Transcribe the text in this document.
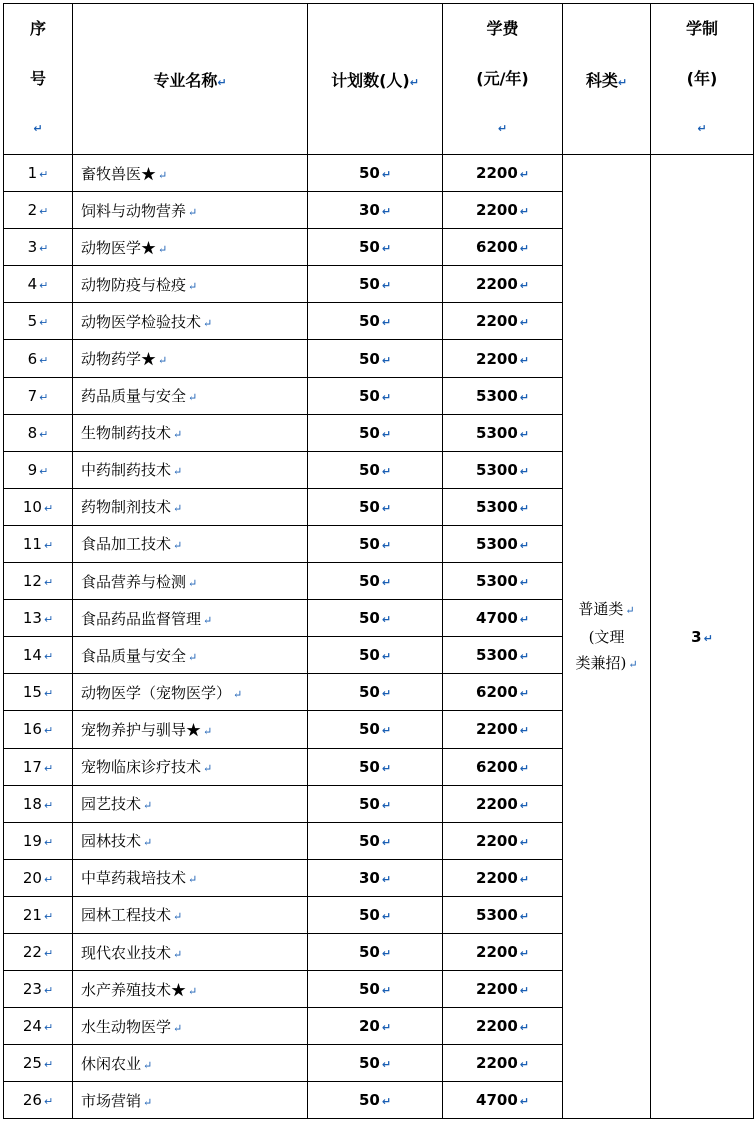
序
号
↵	专业名称↵	计划数(人)↵	学费
(元/年)
↵	科类↵	学制
(年)
↵

1 ↵	畜牧兽医★ ↵	50 ↵	2200 ↵	普通类 ↵
(文理
类兼招) ↵	3 ↵
2 ↵	饲料与动物营养 ↵	30 ↵	2200 ↵		
3 ↵	动物医学★ ↵	50 ↵	6200 ↵		
4 ↵	动物防疫与检疫 ↵	50 ↵	2200 ↵		
5 ↵	动物医学检验技术 ↵	50 ↵	2200 ↵		
6 ↵	动物药学★ ↵	50 ↵	2200 ↵		
7 ↵	药品质量与安全 ↵	50 ↵	5300 ↵		
8 ↵	生物制药技术 ↵	50 ↵	5300 ↵		
9 ↵	中药制药技术 ↵	50 ↵	5300 ↵		
10 ↵	药物制剂技术 ↵	50 ↵	5300 ↵		
11 ↵	食品加工技术 ↵	50 ↵	5300 ↵		
12 ↵	食品营养与检测 ↵	50 ↵	5300 ↵		
13 ↵	食品药品监督管理 ↵	50 ↵	4700 ↵		
14 ↵	食品质量与安全 ↵	50 ↵	5300 ↵		
15 ↵	动物医学（宠物医学） ↵	50 ↵	6200 ↵		
16 ↵	宠物养护与驯导★ ↵	50 ↵	2200 ↵		
17 ↵	宠物临床诊疗技术 ↵	50 ↵	6200 ↵		
18 ↵	园艺技术 ↵	50 ↵	2200 ↵		
19 ↵	园林技术 ↵	50 ↵	2200 ↵		
20 ↵	中草药栽培技术 ↵	30 ↵	2200 ↵		
21 ↵	园林工程技术 ↵	50 ↵	5300 ↵		
22 ↵	现代农业技术 ↵	50 ↵	2200 ↵		
23 ↵	水产养殖技术★ ↵	50 ↵	2200 ↵		
24 ↵	水生动物医学 ↵	20 ↵	2200 ↵		
25 ↵	休闲农业 ↵	50 ↵	2200 ↵		
26 ↵	市场营销 ↵	50 ↵	4700 ↵		
